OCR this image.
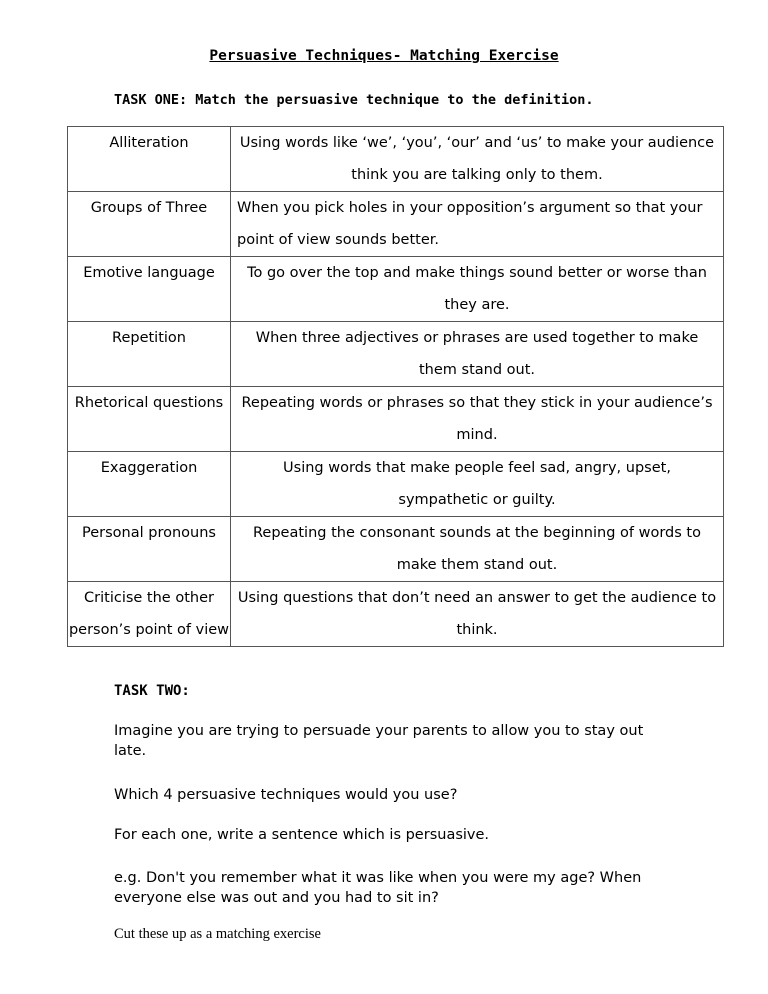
Persuasive Techniques- Matching Exercise
TASK ONE: Match the persuasive technique to the definition.
Alliteration	Using words like ‘we’, ‘you’, ‘our’ and ‘us’ to make your audience think you are talking only to them.
Groups of Three	When you pick holes in your opposition’s argument so that your point of view sounds better.
Emotive language	To go over the top and make things sound better or worse than they are.
Repetition	When three adjectives or phrases are used together to make them stand out.
Rhetorical questions	Repeating words or phrases so that they stick in your audience’s mind.
Exaggeration	Using words that make people feel sad, angry, upset, sympathetic or guilty.
Personal pronouns	Repeating the consonant sounds at the beginning of words to make them stand out.
Criticise the other person’s point of view	Using questions that don’t need an answer to get the audience to think.
TASK TWO:
Imagine you are trying to persuade your parents to allow you to stay out late.
Which 4 persuasive techniques would you use?
For each one, write a sentence which is persuasive.
e.g. Don't you remember what it was like when you were my age? When everyone else was out and you had to sit in?
Cut these up as a matching exercise
